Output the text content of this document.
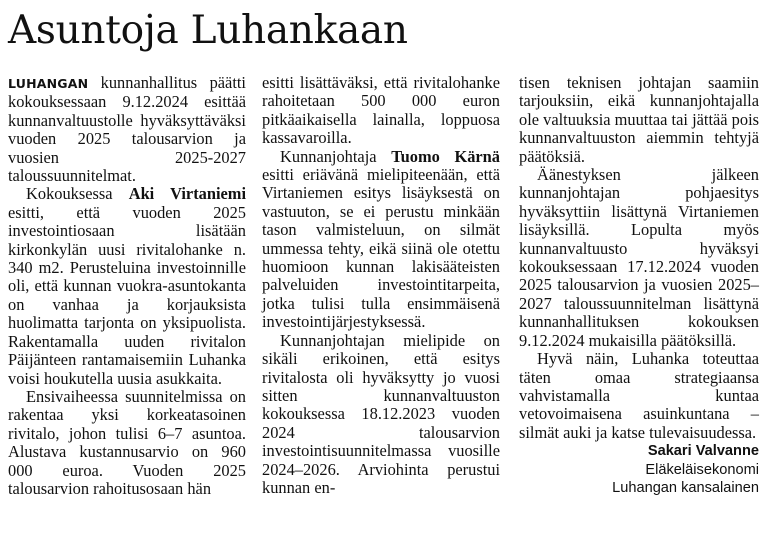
Asuntoja Luhankaan

LUHANGAN kunnanhallitus päätti kokouksessaan 9.12.2024 esittää kunnanvaltuustolle hyväksyttäväksi vuoden 2025 talousarvion ja vuosien 2025-2027 taloussuunnitelmat.

Kokouksessa Aki Virtaniemi esitti, että vuoden 2025 investointiosaan lisätään kirkonkylän uusi rivitalohanke n. 340 m2. Perusteluina investoinnille oli, että kunnan vuokra-asuntokanta on vanhaa ja korjauksista huolimatta tarjonta on yksipuolista. Rakentamalla uuden rivitalon Päijänteen rantamaisemiin Luhanka voisi houkutella uusia asukkaita.

Ensivaiheessa suunnitelmissa on rakentaa yksi korkeatasoinen rivitalo, johon tulisi 6–7 asuntoa. Alustava kustannusarvio on 960 000 euroa. Vuoden 2025 talousarvion rahoitusosaan hän

esitti lisättäväksi, että rivitalohanke rahoitetaan 500 000 euron pitkäaikaisella lainalla, loppuosa kassavaroilla.

Kunnanjohtaja Tuomo Kärnä esitti eriävänä mielipiteenään, että Virtaniemen esitys lisäyksestä on vastuuton, se ei perustu minkään tason valmisteluun, on silmät ummessa tehty, eikä siinä ole otettu huomioon kunnan lakisääteisten palveluiden investointitarpeita, jotka tulisi tulla ensimmäisenä investointijärjestyksessä.

Kunnanjohtajan mielipide on sikäli erikoinen, että esitys rivitalosta oli hyväksytty jo vuosi sitten kunnanvaltuuston kokouksessa 18.12.2023 vuoden 2024 talousarvion investointisuunnitelmassa vuosille 2024–2026. Arviohinta perustui kunnan en-

tisen teknisen johtajan saamiin tarjouksiin, eikä kunnanjohtajalla ole valtuuksia muuttaa tai jättää pois kunnanvaltuuston aiemmin tehtyjä päätöksiä.

Äänestyksen jälkeen kunnanjohtajan pohjaesitys hyväksyttiin lisättynä Virtaniemen lisäyksillä. Lopulta myös kunnanvaltuusto hyväksyi kokouksessaan 17.12.2024 vuoden 2025 talousarvion ja vuosien 2025–2027 taloussuunnitelman lisättynä kunnanhallituksen kokouksen 9.12.2024 mukaisilla päätöksillä.

Hyvä näin, Luhanka toteuttaa täten omaa strategiaansa vahvistamalla kuntaa vetovoimaisena asuinkuntana – silmät auki ja katse tulevaisuudessa.

Sakari Valvanne
Eläkeläisekonomi
Luhangan kansalainen
